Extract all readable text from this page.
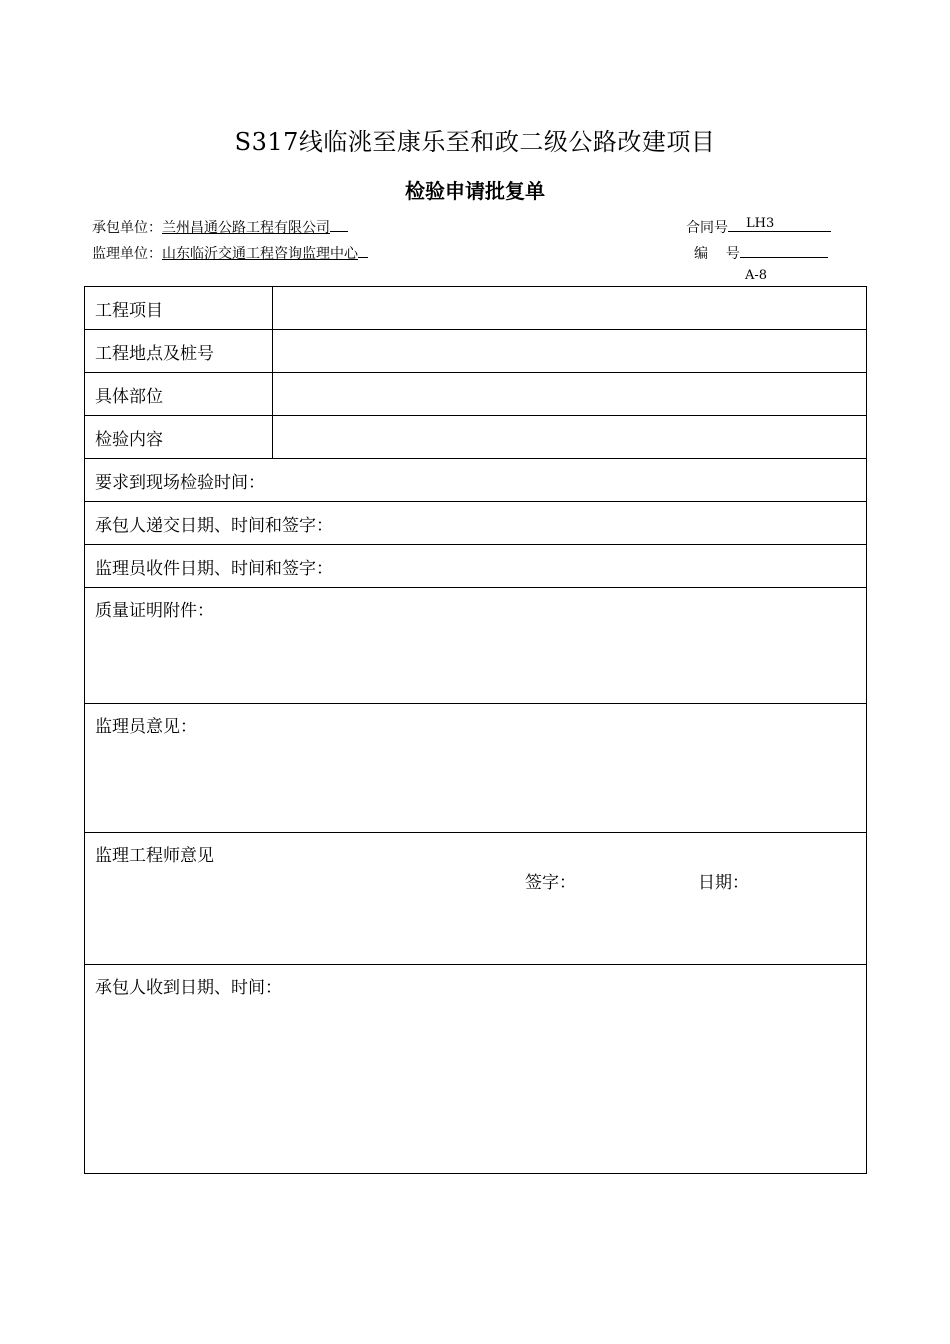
S317线临洮至康乐至和政二级公路改建项目
检验申请批复单
承包单位：兰州昌通公路工程有限公司
监理单位：山东临沂交通工程咨询监理中心
合同号 LH3
编    号
A-8
工程项目	
工程地点及桩号	
具体部位	
检验内容	
要求到现场检验时间：	
承包人递交日期、时间和签字：	
监理员收件日期、时间和签字：	
质量证明附件：	
监理员意见：	

监理工程师意见
签字： 日期：	

承包人收到日期、时间：	
